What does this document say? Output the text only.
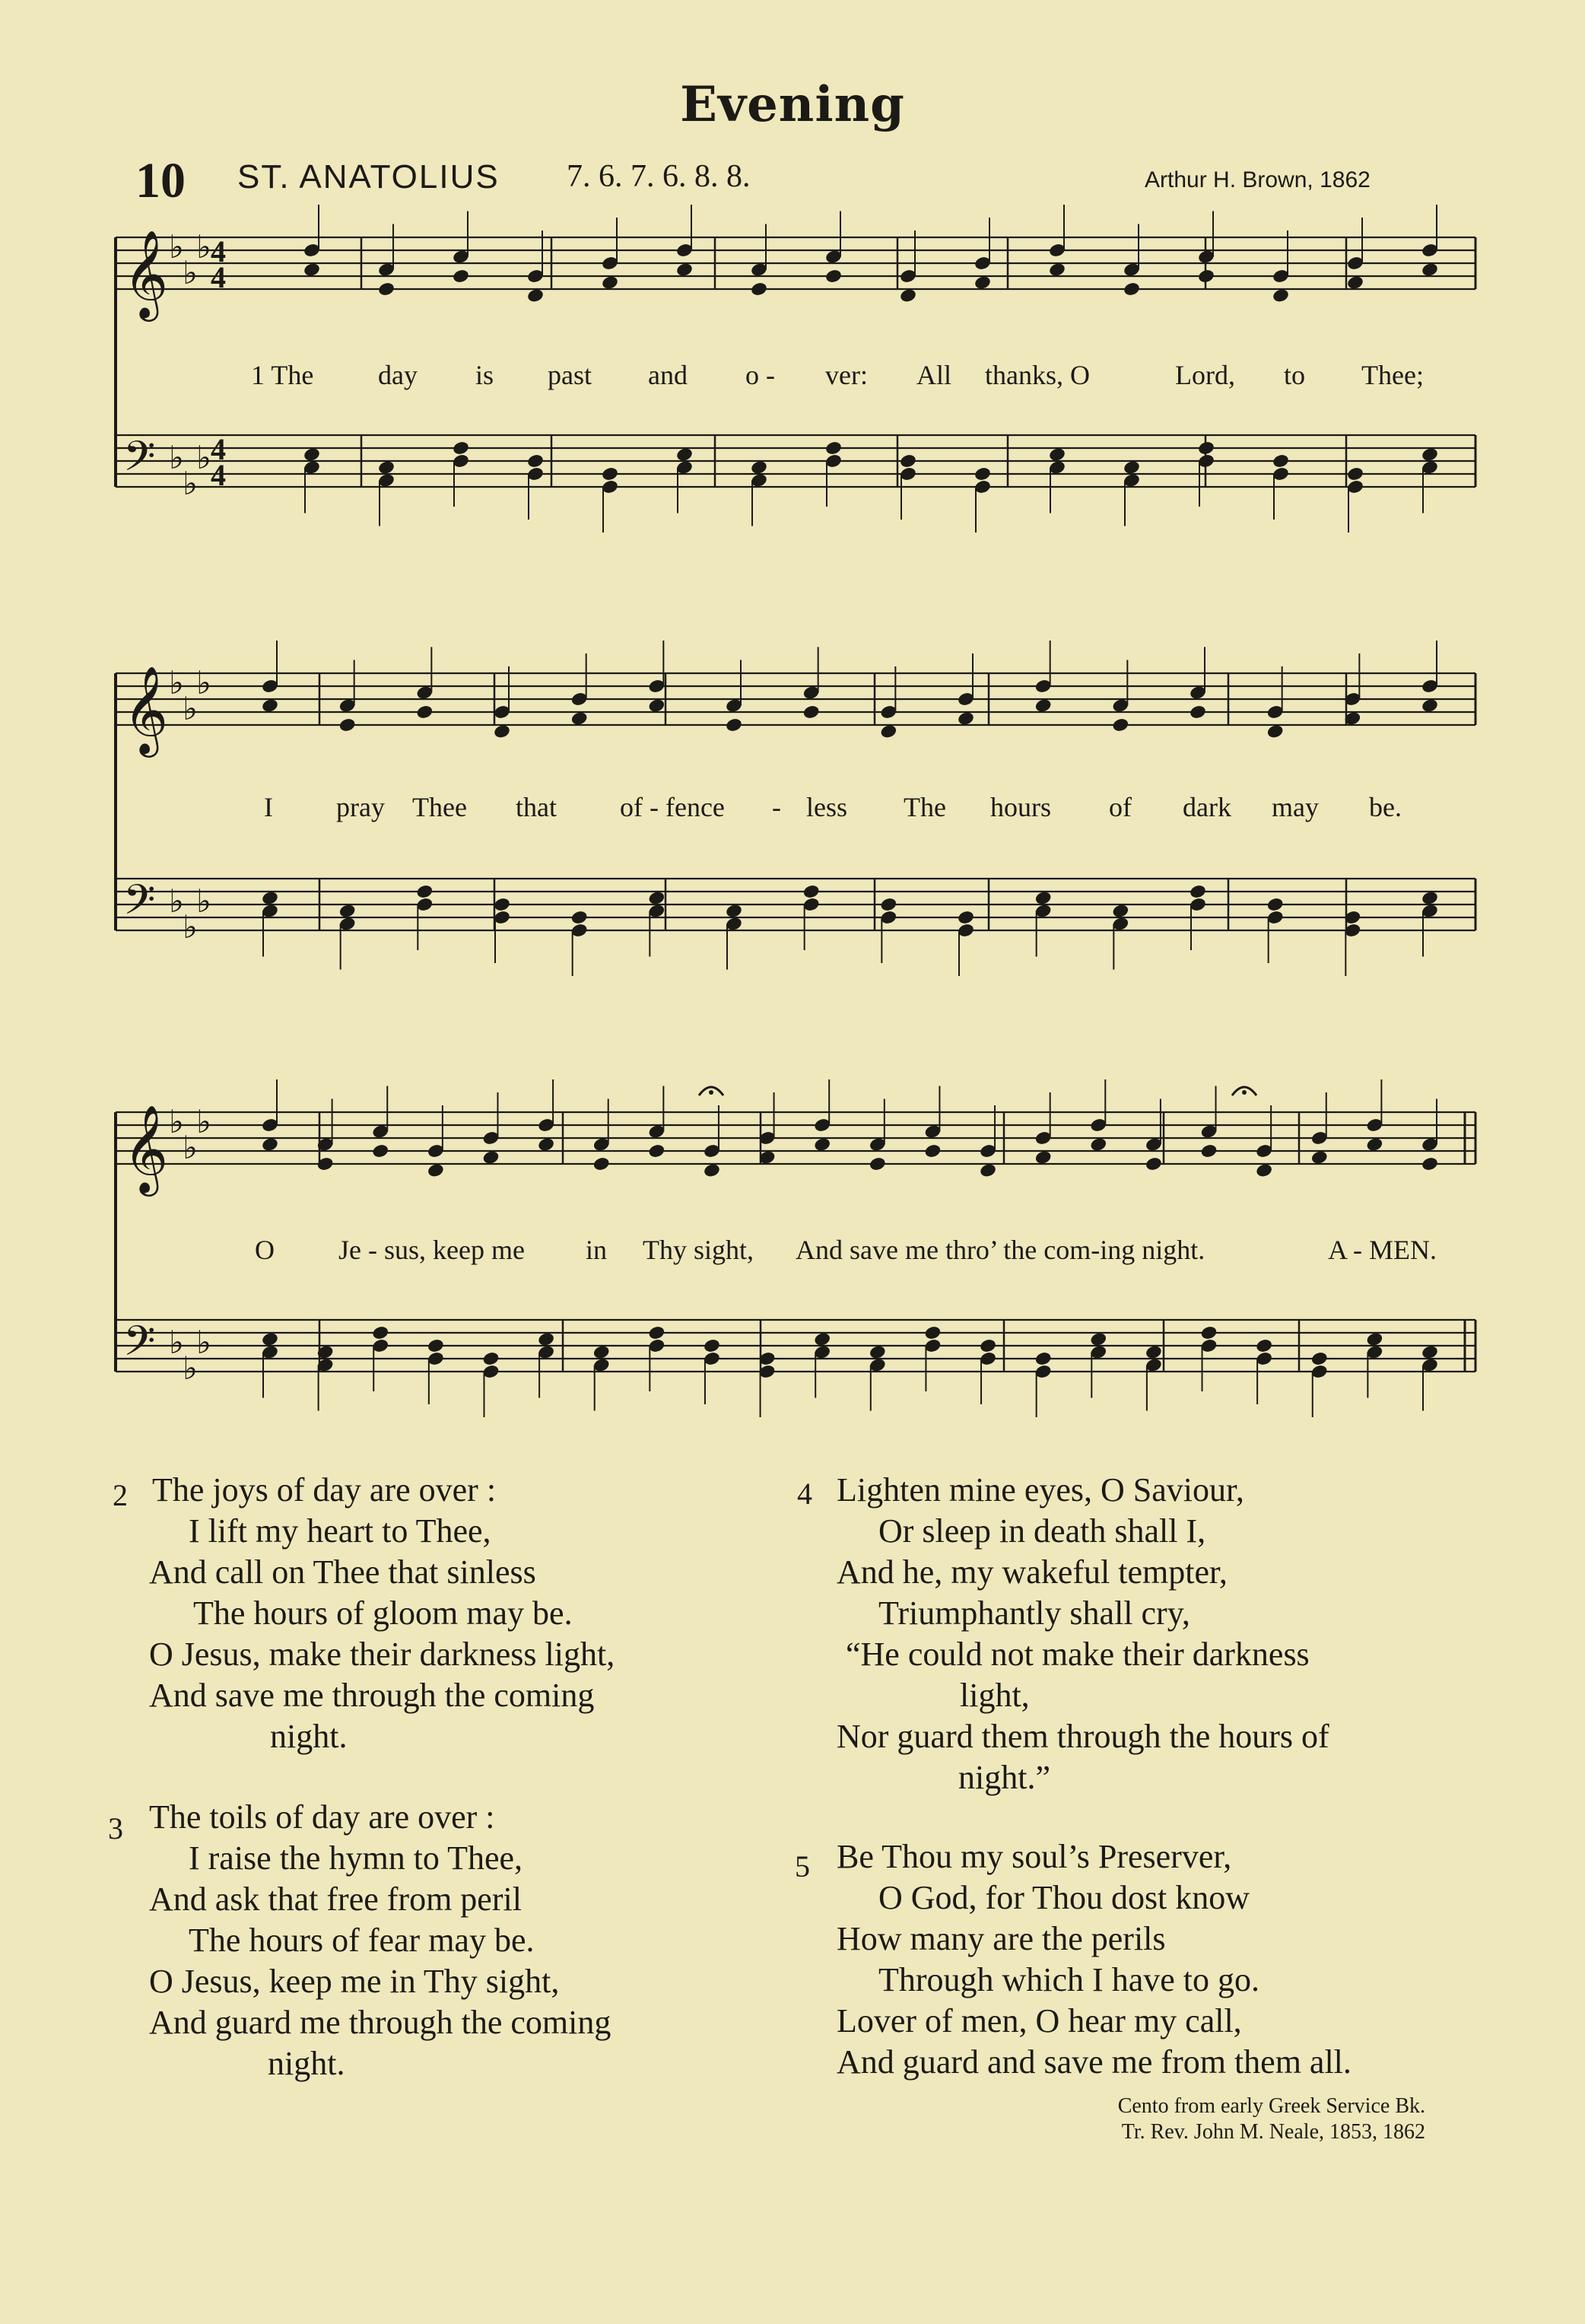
Evening
10 ST. ANATOLIUS 7. 6. 7. 6. 8. 8.	Arthur H. Brown, 1862
𝄞
𝄢
♭
♭
♭
♭
♭
♭
4
4
4
4
𝄞
𝄢
♭
♭
♭
♭
♭
♭
𝄞
𝄢
♭
♭
♭
♭
♭
♭
1 The day is past and o - ver: All thanks, O	Lord, to Thee;
I pray Thee that of - fence - less The hours of dark may be.
O Je - sus, keep me in Thy sight, And save me thro’ the com-ing night.	A - MEN.
2 The joys of day are over :
I lift my heart to Thee,
And call on Thee that sinless
The hours of gloom may be.
O Jesus, make their darkness light,
And save me through the coming
night.
3 The toils of day are over :
I raise the hymn to Thee,
And ask that free from peril
The hours of fear may be.
O Jesus, keep me in Thy sight,
And guard me through the coming
night.
4 Lighten mine eyes, O Saviour,
Or sleep in death shall I,
And he, my wakeful tempter,
Triumphantly shall cry,
“He could not make their darkness
light,
Nor guard them through the hours of
night.”
5 Be Thou my soul’s Preserver,
O God, for Thou dost know
How many are the perils
Through which I have to go.
Lover of men, O hear my call,
And guard and save me from them all.
Cento from early Greek Service Bk.
Tr. Rev. John M. Neale, 1853, 1862
